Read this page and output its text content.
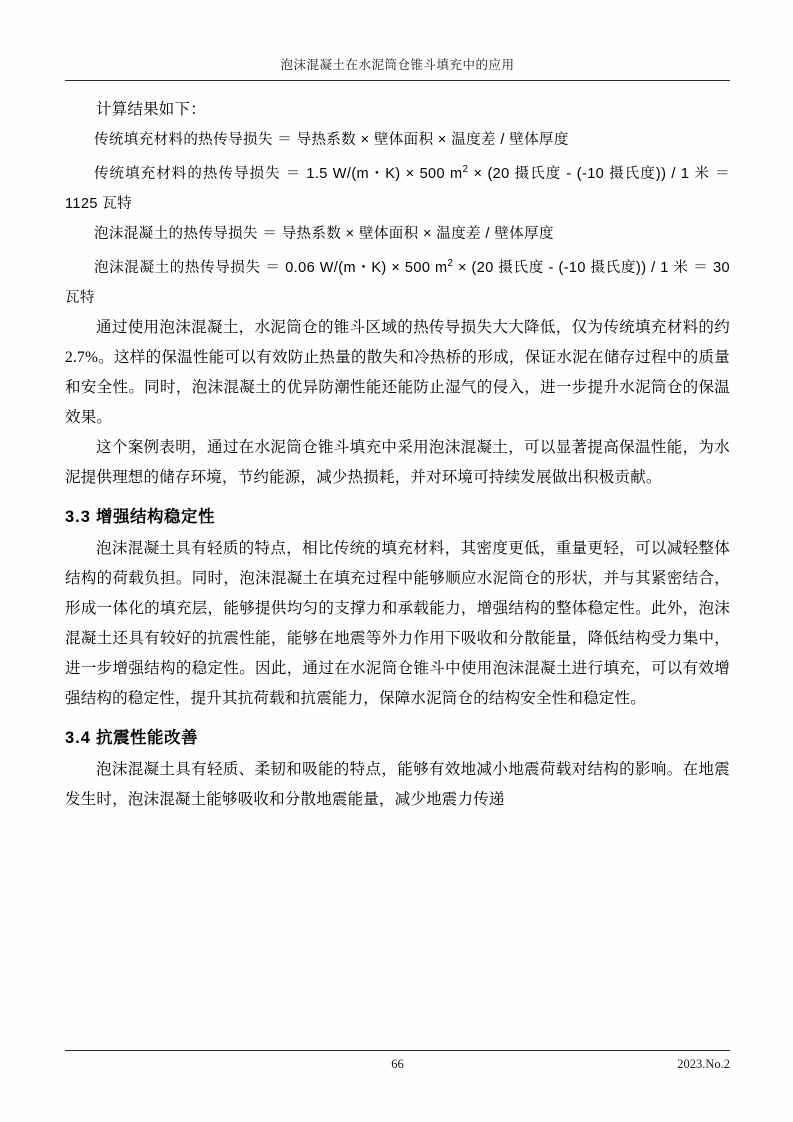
泡沫混凝土在水泥筒仓锥斗填充中的应用

计算结果如下：

传统填充材料的热传导损失 ＝ 导热系数 × 壁体面积 × 温度差 / 壁体厚度

传统填充材料的热传导损失 ＝ 1.5 W/(m・K) × 500 $m^2 \times (20$ 摄氏度 - (-10 摄氏度)) / 1 米 ＝ 1125 瓦特

泡沫混凝土的热传导损失 ＝ 导热系数 × 壁体面积 × 温度差 / 壁体厚度

泡沫混凝土的热传导损失 ＝ 0.06 W/(m・K) × 500 $m^2 \times (20$ 摄氏度 - (-10 摄氏度)) / 1 米 ＝ 30 瓦特

通过使用泡沫混凝土，水泥筒仓的锥斗区域的热传导损失大大降低，仅为传统填充材料的约 2.7%。这样的保温性能可以有效防止热量的散失和冷热桥的形成，保证水泥在储存过程中的质量和安全性。同时，泡沫混凝土的优异防潮性能还能防止湿气的侵入，进一步提升水泥筒仓的保温效果。

这个案例表明，通过在水泥筒仓锥斗填充中采用泡沫混凝土，可以显著提高保温性能，为水泥提供理想的储存环境，节约能源，减少热损耗，并对环境可持续发展做出积极贡献。

3.3 增强结构稳定性

泡沫混凝土具有轻质的特点，相比传统的填充材料，其密度更低，重量更轻，可以减轻整体结构的荷载负担。同时，泡沫混凝土在填充过程中能够顺应水泥筒仓的形状，并与其紧密结合，形成一体化的填充层，能够提供均匀的支撑力和承载能力，增强结构的整体稳定性。此外，泡沫混凝土还具有较好的抗震性能，能够在地震等外力作用下吸收和分散能量，降低结构受力集中，进一步增强结构的稳定性。因此，通过在水泥筒仓锥斗中使用泡沫混凝土进行填充，可以有效增强结构的稳定性，提升其抗荷载和抗震能力，保障水泥筒仓的结构安全性和稳定性。

3.4 抗震性能改善

泡沫混凝土具有轻质、柔韧和吸能的特点，能够有效地减小地震荷载对结构的影响。在地震发生时，泡沫混凝土能够吸收和分散地震能量，减少地震力传递

66	2023.No.2
